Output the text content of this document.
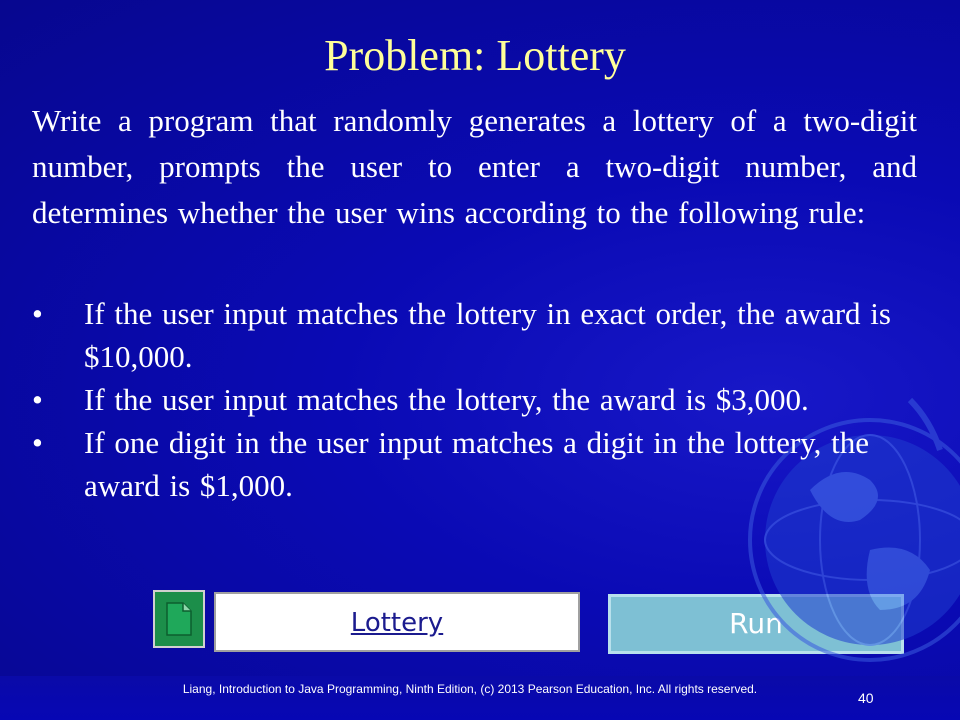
Problem: Lottery

Write a program that randomly generates a lottery of a two-digit number, prompts the user to enter a two-digit number, and determines whether the user wins according to the following rule:

• If the user input matches the lottery in exact order, the award is $10,000.
• If the user input matches the lottery, the award is $3,000.
• If one digit in the user input matches a digit in the lottery, the award is $1,000.
Lottery	Run
Liang, Introduction to Java Programming, Ninth Edition, (c) 2013 Pearson Education, Inc. All rights reserved.
40
